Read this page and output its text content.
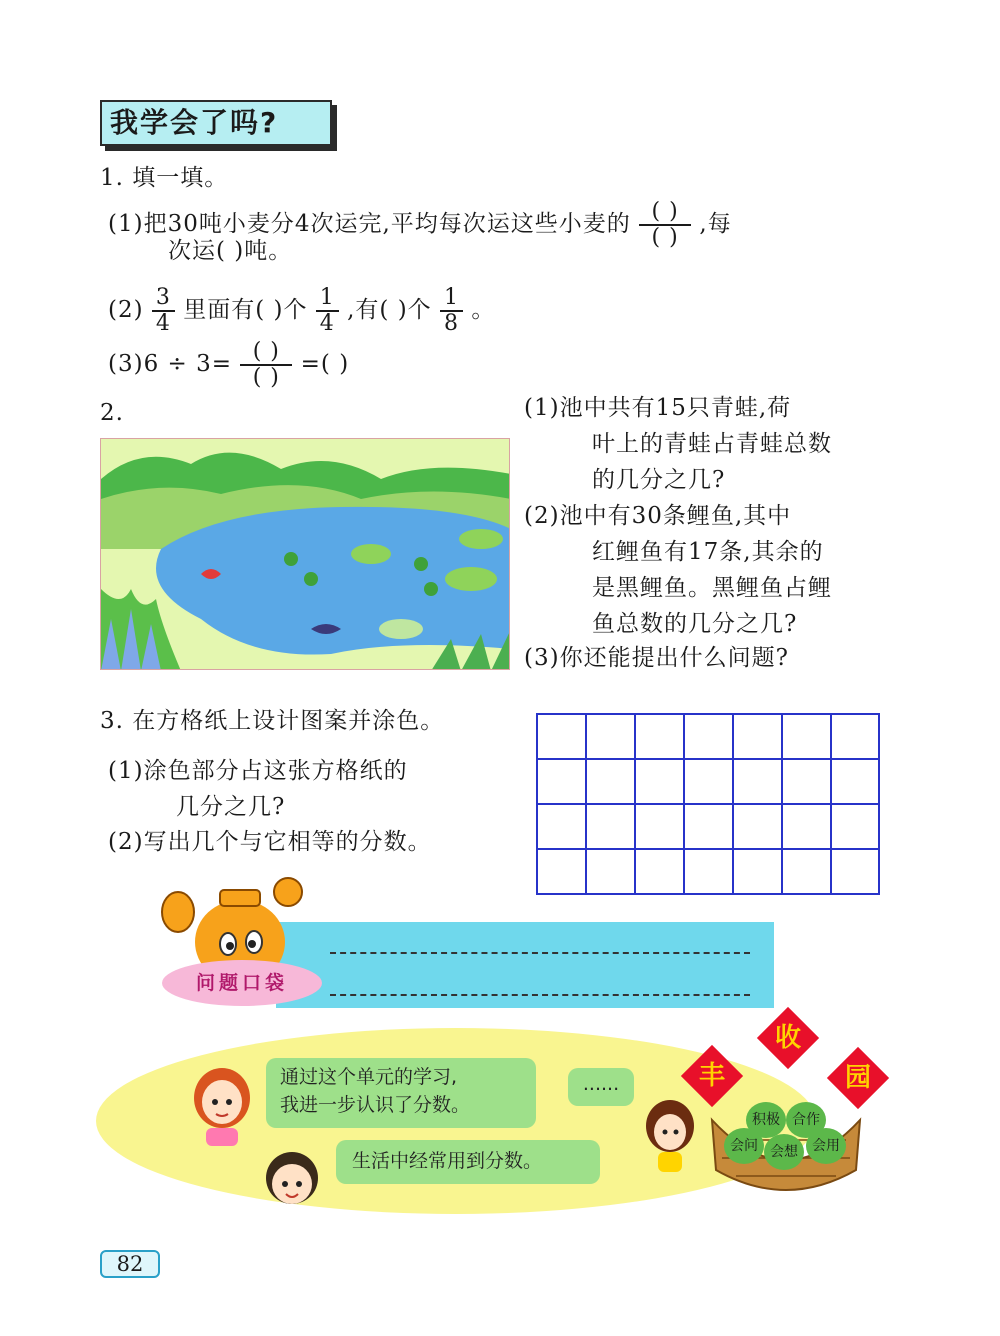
我学会了吗?
1. 填一填。
(1)把30吨小麦分4次运完,平均每次运这些小麦的 $\frac{( )}{( )}$ ,每
次运( )吨。
$(2) \frac{3}{4}$ 里面有( )个 $\frac{1}{4}$ ,有( )个 $\frac{1}{8}$ 。
$(3)6 \div 3= \frac{( )}{( )}$ =( )
2.	(1)池中共有15只青蛙,荷
叶上的青蛙占青蛙总数
的几分之几?
(2)池中有30条鲤鱼,其中
红鲤鱼有17条,其余的
是黑鲤鱼。黑鲤鱼占鲤
鱼总数的几分之几?
(3)你还能提出什么问题?
3. 在方格纸上设计图案并涂色。
(1)涂色部分占这张方格纸的
几分之几?
(2)写出几个与它相等的分数。
问题口袋
通过这个单元的学习,
我进一步认识了分数。
......
生活中经常用到分数。
积极 合作
会问 会想	会用
丰
收
园
82
